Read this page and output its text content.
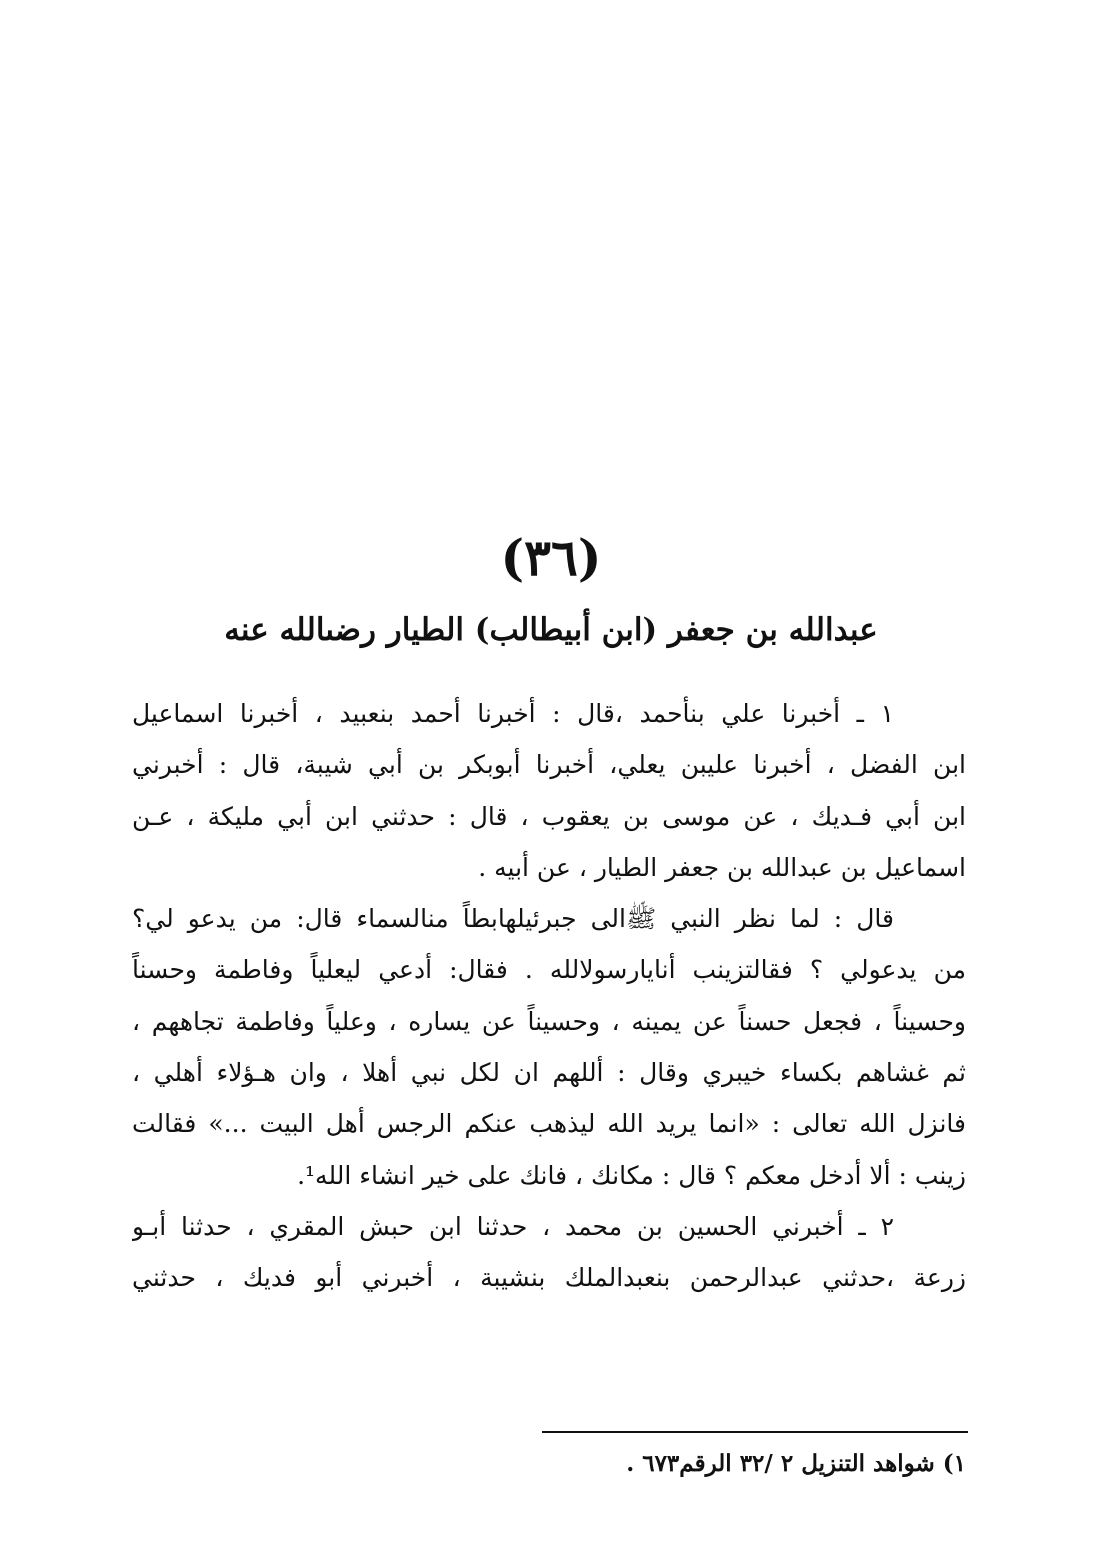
(٣٦)
عبدالله بن جعفر (ابن أبيطالب) الطيار رضىالله عنه
١ ـ أخبرنا علي بنأحمد ،قال : أخبرنا أحمد بنعبيد ، أخبرنا اسماعيل
ابن الفضل ، أخبرنا عليبن يعلي، أخبرنا أبوبكر بن أبي شيبة، قال : أخبرني
ابن أبي فـديك ، عن موسى بن يعقوب ، قال : حدثني ابن أبي مليكة ، عـن
اسماعيل بن عبدالله بن جعفر الطيار ، عن أبيه .
قال : لما نظر النبي ﷺالى جبرئيلهابطاً منالسماء قال: من يدعو لي؟
من يدعولي ؟ فقالتزينب أنايارسولالله . فقال: أدعي ليعلياً وفاطمة وحسناً
وحسيناً ، فجعل حسناً عن يمينه ، وحسيناً عن يساره ، وعلياً وفاطمة تجاههم ،
ثم غشاهم بكساء خيبري وقال : أللهم ان لكل نبي أهلا ، وان هـؤلاء أهلي ،
فانزل الله تعالى : «انما يريد الله ليذهب عنكم الرجس أهل البيت ...» فقالت
زينب : ألا أدخل معكم ؟ قال : مكانك ، فانك على خير انشاء الله¹.
٢ ـ أخبرني الحسين بن محمد ، حدثنا ابن حبش المقري ، حدثنا أبـو
زرعة ،حدثني عبدالرحمن بنعبدالملك بنشيبة ، أخبرني أبو فديك ، حدثني
١) شواهد التنزيل ٢ /٣٢ الرقم٦٧٣ .
